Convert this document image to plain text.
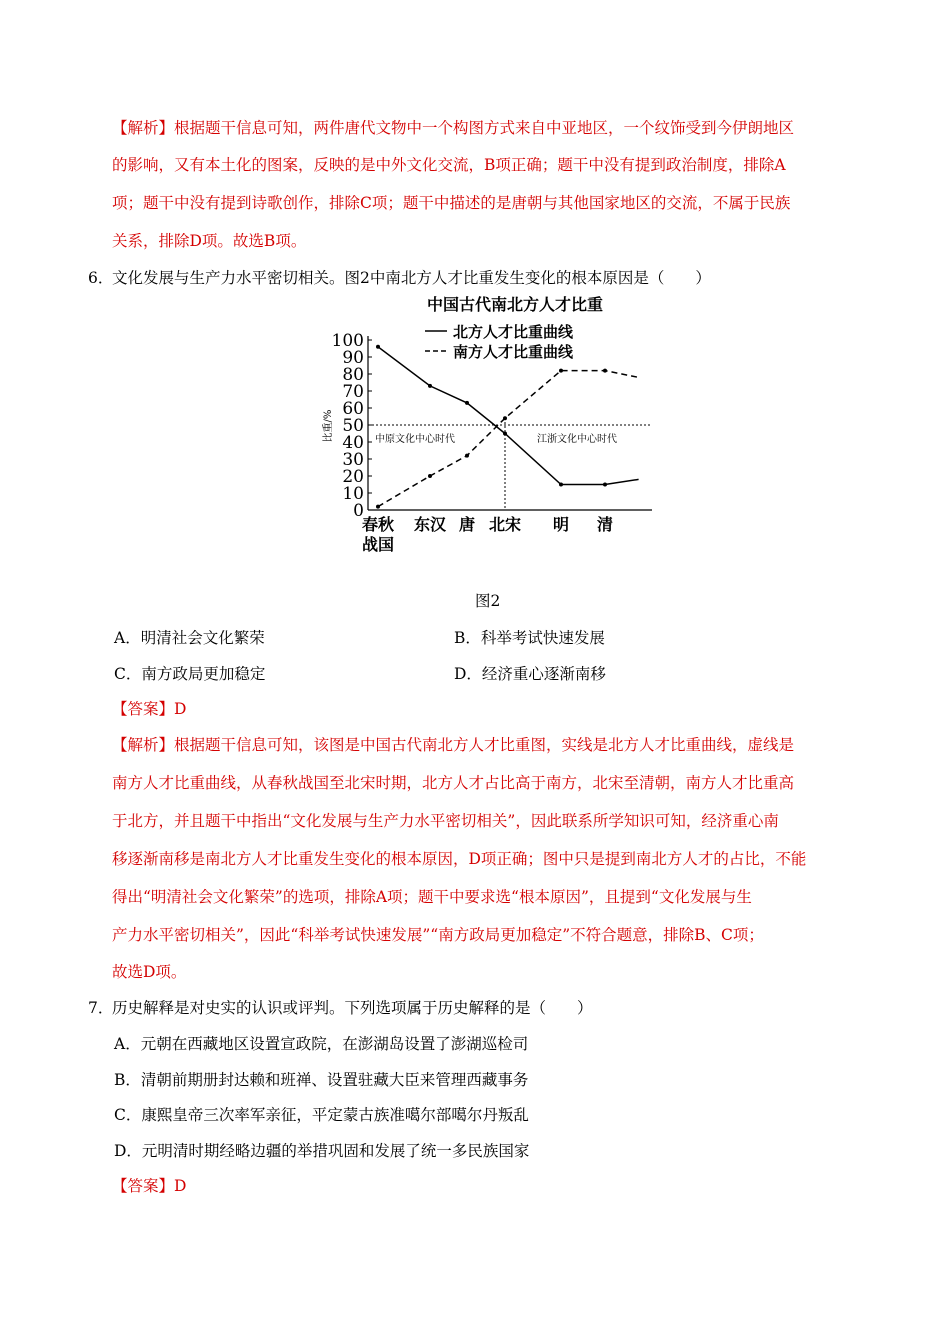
【解析】根据题干信息可知，两件唐代文物中一个构图方式来自中亚地区，一个纹饰受到今伊朗地区
的影响，又有本土化的图案，反映的是中外文化交流，B项正确；题干中没有提到政治制度，排除A
项；题干中没有提到诗歌创作，排除C项；题干中描述的是唐朝与其他国家地区的交流，不属于民族
关系，排除D项。故选B项。
6．
文化发展与生产力水平密切相关。图2中南北方人才比重发生变化的根本原因是（　　）
中国古代南北方人才比重
北方人才比重曲线
南方人才比重曲线
比重/%
0
10
20
30
40
50
60
70
80
90
100
春秋
战国
东汉 唐 北宋 明 清
中原文化中心时代	江浙文化中心时代
图2
A．明清社会文化繁荣	B．科举考试快速发展
C．南方政局更加稳定	D．经济重心逐渐南移
【答案】D
【解析】根据题干信息可知，该图是中国古代南北方人才比重图，实线是北方人才比重曲线，虚线是
南方人才比重曲线，从春秋战国至北宋时期，北方人才占比高于南方，北宋至清朝，南方人才比重高
于北方，并且题干中指出“文化发展与生产力水平密切相关”，因此联系所学知识可知，经济重心南
移逐渐南移是南北方人才比重发生变化的根本原因，D项正确；图中只是提到南北方人才的占比，不能
得出“明清社会文化繁荣”的选项，排除A项；题干中要求选“根本原因”，且提到“文化发展与生
产力水平密切相关”，因此“科举考试快速发展”“南方政局更加稳定”不符合题意，排除B、C项；
故选D项。
7．
历史解释是对史实的认识或评判。下列选项属于历史解释的是（　　）
A．元朝在西藏地区设置宣政院，在澎湖岛设置了澎湖巡检司
B．清朝前期册封达赖和班禅、设置驻藏大臣来管理西藏事务
C．康熙皇帝三次率军亲征，平定蒙古族准噶尔部噶尔丹叛乱
D．元明清时期经略边疆的举措巩固和发展了统一多民族国家
【答案】D
